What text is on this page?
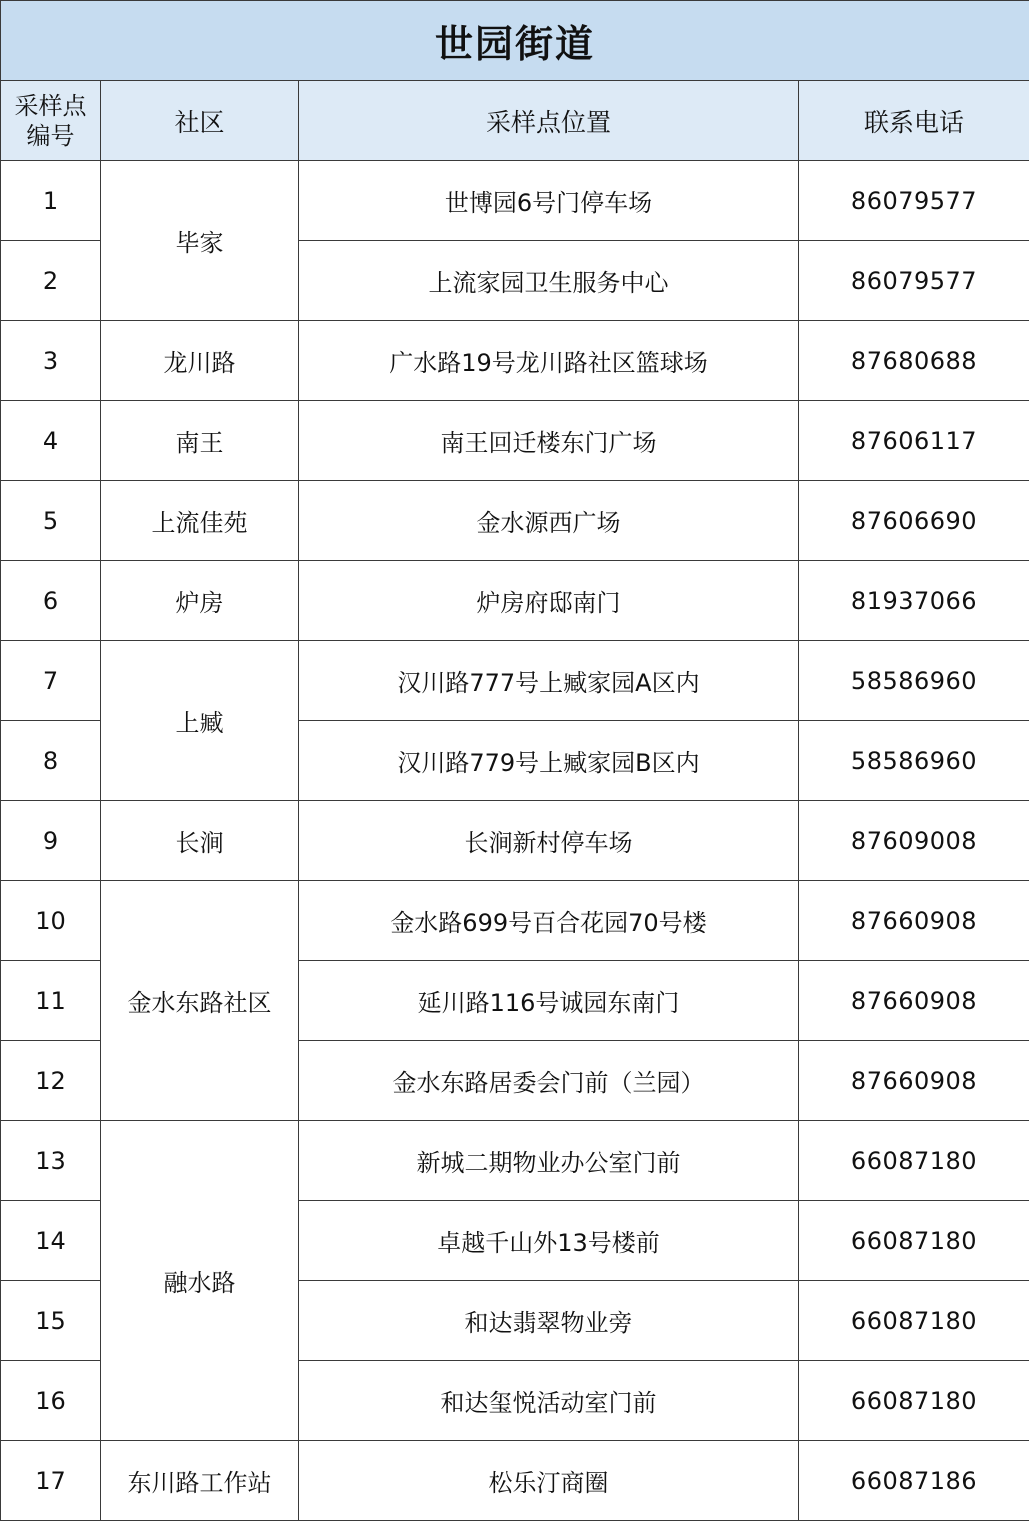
世园街道			
采样点
编号	社区	采样点位置	联系电话
1	毕家	世博园6号门停车场	86079577
2		上流家园卫生服务中心	86079577
3	龙川路	广水路19号龙川路社区篮球场	87680688
4	南王	南王回迁楼东门广场	87606117
5	上流佳苑	金水源西广场	87606690
6	炉房	炉房府邸南门	81937066
7	上臧	汉川路777号上臧家园A区内	58586960
8		汉川路779号上臧家园B区内	58586960
9	长涧	长涧新村停车场	87609008
10	金水东路社区	金水路699号百合花园70号楼	87660908
11		延川路116号诚园东南门	87660908
12		金水东路居委会门前（兰园）	87660908
13	融水路	新城二期物业办公室门前	66087180
14		卓越千山外13号楼前	66087180
15		和达翡翠物业旁	66087180
16		和达玺悦活动室门前	66087180
17	东川路工作站	松乐汀商圈	66087186
